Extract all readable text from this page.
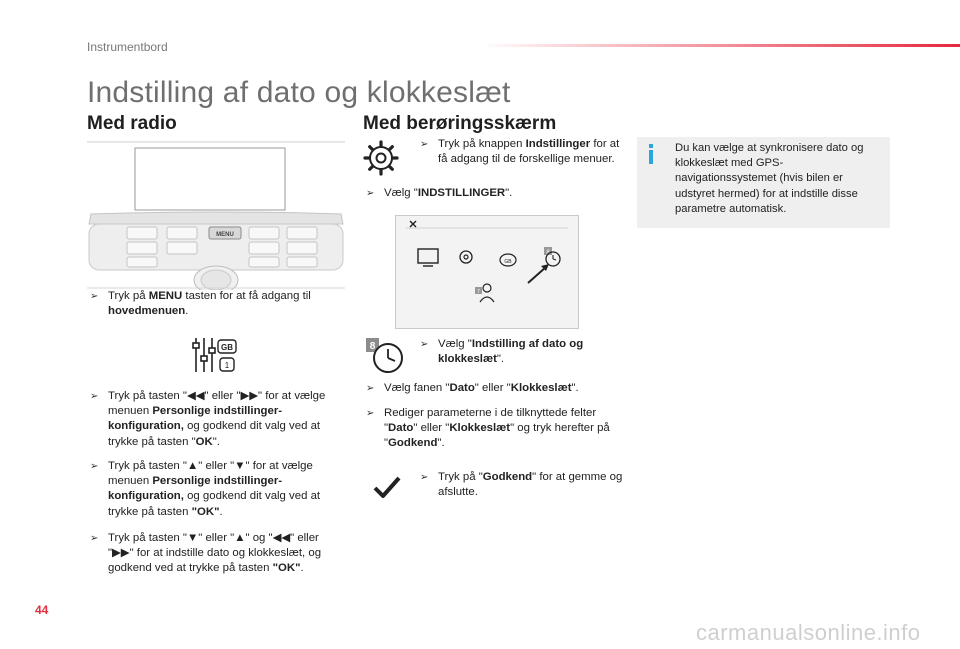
Instrumentbord
Indstilling af dato og klokkeslæt
Med radio
MENU
➢ Tryk på MENU tasten for at få adgang til hovedmenuen.
GB
1
➢ Tryk på tasten "◀◀" eller "▶▶" for at vælge menuen Personlige indstillinger-konfiguration, og godkend dit valg ved at trykke på tasten "OK".
➢ Tryk på tasten "▲" eller "▼" for at vælge menuen Personlige indstillinger-konfiguration, og godkend dit valg ved at trykke på tasten "OK".
➢ Tryk på tasten "▼" eller "▲" og "◀◀" eller "▶▶" for at indstille dato og klokkeslæt, og godkend ved at trykke på tasten "OK".
Med berøringsskærm
➢ Tryk på knappen Indstillinger for at få adgang til de forskellige menuer.
➢ Vælg "INDSTILLINGER".
GB
8
7
8	➢ Vælg "Indstilling af dato og klokkeslæt".
➢ Vælg fanen "Dato" eller "Klokkeslæt".
➢ Rediger parameterne i de tilknyttede felter "Dato" eller "Klokkeslæt" og tryk herefter på "Godkend".
➢ Tryk på "Godkend" for at gemme og afslutte.
Du kan vælge at synkronisere dato og klokkeslæt med GPS-navigationssystemet (hvis bilen er udstyret hermed) for at indstille disse parametre automatisk.
44
carmanualsonline.info
